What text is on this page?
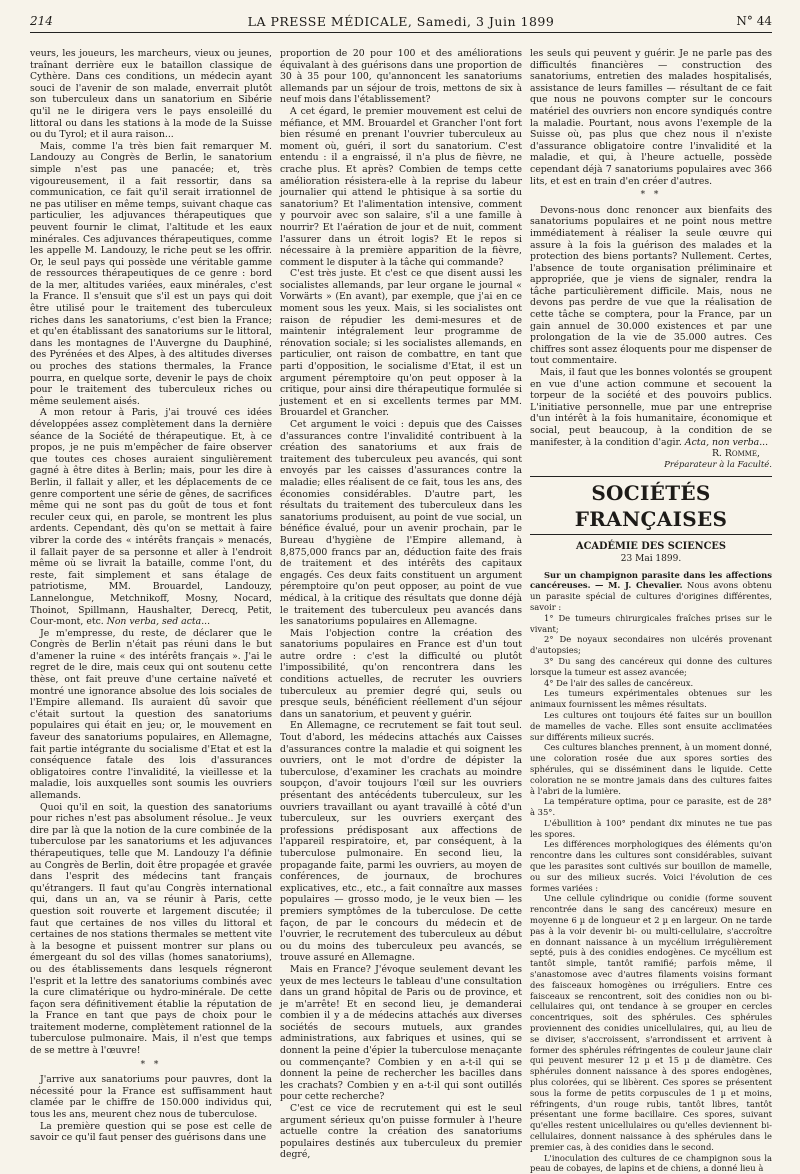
214	LA PRESSE MÉDICALE, Samedi, 3 Juin 1899	N° 44

veurs, les joueurs, les marcheurs, vieux ou jeunes, traînant derrière eux le bataillon classique de Cythère. Dans ces conditions, un médecin ayant souci de l'avenir de son malade, enverrait plutôt son tuberculeux dans un sanatorium en Sibérie qu'il ne le dirigera vers le pays ensoleillé du littoral ou dans les stations à la mode de la Suisse ou du Tyrol; et il aura raison...

Mais, comme l'a très bien fait remarquer M. Landouzy au Congrès de Berlin, le sanatorium simple n'est pas une panacée; et, très vigoureusement, il a fait ressortir, dans sa communication, ce fait qu'il serait irrationnel de ne pas utiliser en même temps, suivant chaque cas particulier, les adjuvances thérapeutiques que peuvent fournir le climat, l'altitude et les eaux minérales. Ces adjuvances thérapeutiques, comme les appelle M. Landouzy, le riche peut se les offrir. Or, le seul pays qui possède une véritable gamme de ressources thérapeutiques de ce genre : bord de la mer, altitudes variées, eaux minérales, c'est la France. Il s'ensuit que s'il est un pays qui doit être utilisé pour le traitement des tuberculeux riches dans les sanatoriums, c'est bien la France; et qu'en établissant des sanatoriums sur le littoral, dans les montagnes de l'Auvergne du Dauphiné, des Pyrénées et des Alpes, à des altitudes diverses ou proches des stations thermales, la France pourra, en quelque sorte, devenir le pays de choix pour le traitement des tuberculeux riches ou même seulement aisés.

A mon retour à Paris, j'ai trouvé ces idées développées assez complètement dans la dernière séance de la Société de thérapeutique. Et, à ce propos, je ne puis m'empêcher de faire observer que toutes ces choses auraient singulièrement gagné à être dites à Berlin; mais, pour les dire à Berlin, il fallait y aller, et les déplacements de ce genre comportent une série de gênes, de sacrifices même qui ne sont pas du goût de tous et font reculer ceux qui, en parole, se montrent les plus ardents. Cependant, dès qu'on se mettait à faire vibrer la corde des « intérêts français » menacés, il fallait payer de sa personne et aller à l'endroit même où se livrait la bataille, comme l'ont, du reste, fait simplement et sans étalage de patriotisme, MM. Brouardel, Landouzy, Lannelongue, Metchnikoff, Mosny, Nocard, Thoinot, Spillmann, Haushalter, Derecq, Petit, Cour-mont, etc. Non verba, sed acta...

Je m'empresse, du reste, de déclarer que le Congrès de Berlin n'était pas réuni dans le but d'amener la ruine « des intérêts français ». J'ai le regret de le dire, mais ceux qui ont soutenu cette thèse, ont fait preuve d'une certaine naïveté et montré une ignorance absolue des lois sociales de l'Empire allemand. Ils auraient dû savoir que c'était surtout la question des sanatoriums populaires qui était en jeu; or, le mouvement en faveur des sanatoriums populaires, en Allemagne, fait partie intégrante du socialisme d'Etat et est la conséquence fatale des lois d'assurances obligatoires contre l'invalidité, la vieillesse et la maladie, lois auxquelles sont soumis les ouvriers allemands.

Quoi qu'il en soit, la question des sanatoriums pour riches n'est pas absolument résolue.. Je veux dire par là que la notion de la cure combinée de la tuberculose par les sanatoriums et les adjuvances thérapeutiques, telle que M. Landouzy l'a définie au Congrès de Berlin, doit être propagée et gravée dans l'esprit des médecins tant français qu'étrangers. Il faut qu'au Congrès international qui, dans un an, va se réunir à Paris, cette question soit rouverte et largement discutée; il faut que certaines de nos villes du littoral et certaines de nos stations thermales se mettent vite à la besogne et puissent montrer sur plans ou émergeant du sol des villas (homes sanatoriums), ou des établissements dans lesquels régneront l'esprit et la lettre des sanatoriums combinés avec la cure climatérique ou hydro-minérale. De cette façon sera définitivement établie la réputation de la France en tant que pays de choix pour le traitement moderne, complètement rationnel de la tuberculose pulmonaire. Mais, il n'est que temps de se mettre à l'œuvre!

* *

J'arrive aux sanatoriums pour pauvres, dont la nécessité pour la France est suffisamment haut clamée par le chiffre de 150.000 individus qui, tous les ans, meurent chez nous de tuberculose.

La première question qui se pose est celle de savoir ce qu'il faut penser des guérisons dans une

proportion de 20 pour 100 et des améliorations équivalant à des guérisons dans une proportion de 30 à 35 pour 100, qu'annoncent les sanatoriums allemands par un séjour de trois, mettons de six à neuf mois dans l'établissement?

A cet égard, le premier mouvement est celui de méfiance, et MM. Brouardel et Grancher l'ont fort bien résumé en prenant l'ouvrier tuberculeux au moment où, guéri, il sort du sanatorium. C'est entendu : il a engraissé, il n'a plus de fièvre, ne crache plus. Et après? Combien de temps cette amélioration résistera-elle à la reprise du labeur journalier qui attend le phtisique à sa sortie du sanatorium? Et l'alimentation intensive, comment y pourvoir avec son salaire, s'il a une famille à nourrir? Et l'aération de jour et de nuit, comment l'assurer dans un étroit logis? Et le repos si nécessaire à la première apparition de la fièvre, comment le disputer à la tâche qui commande?

C'est très juste. Et c'est ce que disent aussi les socialistes allemands, par leur organe le journal « Vorwärts » (En avant), par exemple, que j'ai en ce moment sous les yeux. Mais, si les socialistes ont raison de répudier les demi-mesures et de maintenir intégralement leur programme de rénovation sociale; si les socialistes allemands, en particulier, ont raison de combattre, en tant que parti d'opposition, le socialisme d'Etat, il est un argument péremptoire qu'on peut opposer à la critique, pour ainsi dire thérapeutique formulée si justement et en si excellents termes par MM. Brouardel et Grancher.

Cet argument le voici : depuis que des Caisses d'assurances contre l'invalidité contribuent à la création des sanatoriums et aux frais de traitement des tuberculeux peu avancés, qui sont envoyés par les caisses d'assurances contre la maladie; elles réalisent de ce fait, tous les ans, des économies considérables. D'autre part, les résultats du traitement des tuberculeux dans les sanatoriums produisent, au point de vue social, un bénéfice évalué, pour un avenir prochain, par le Bureau d'hygiène de l'Empire allemand, à 8,875,000 francs par an, déduction faite des frais de traitement et des intérêts des capitaux engagés. Ces deux faits constituent un argument péremptoire qu'on peut opposer, au point de vue médical, à la critique des résultats que donne déjà le traitement des tuberculeux peu avancés dans les sanatoriums populaires en Allemagne.

Mais l'objection contre la création des sanatoriums populaires en France est d'un tout autre ordre : c'est la difficulté ou plutôt l'impossibilité, qu'on rencontrera dans les conditions actuelles, de recruter les ouvriers tuberculeux au premier degré qui, seuls ou presque seuls, bénéficient réellement d'un séjour dans un sanatorium, et peuvent y guérir.

En Allemagne, ce recrutement se fait tout seul. Tout d'abord, les médecins attachés aux Caisses d'assurances contre la maladie et qui soignent les ouvriers, ont le mot d'ordre de dépister la tuberculose, d'examiner les crachats au moindre soupçon, d'avoir toujours l'œil sur les ouvriers présentant des antécédents tuberculeux, sur les ouvriers travaillant ou ayant travaillé à côté d'un tuberculeux, sur les ouvriers exerçant des professions prédisposant aux affections de l'appareil respiratoire, et, par conséquent, à la tuberculose pulmonaire. En second lieu, la propagande faite, parmi les ouvriers, au moyen de conférences, de journaux, de brochures explicatives, etc., etc., a fait connaître aux masses populaires — grosso modo, je le veux bien — les premiers symptômes de la tuberculose. De cette façon, de par le concours du médecin et de l'ouvrier, le recrutement des tuberculeux au début ou du moins des tuberculeux peu avancés, se trouve assuré en Allemagne.

Mais en France? J'évoque seulement devant les yeux de mes lecteurs le tableau d'une consultation dans un grand hôpital de Paris ou de province, et je m'arrête! Et en second lieu, je demanderai combien il y a de médecins attachés aux diverses sociétés de secours mutuels, aux grandes administrations, aux fabriques et usines, qui se donnent la peine d'épier la tuberculose menaçante ou commençante? Combien y en a-t-il qui se donnent la peine de rechercher les bacilles dans les crachats? Combien y en a-t-il qui sont outillés pour cette recherche?

C'est ce vice de recrutement qui est le seul argument sérieux qu'on puisse formuler à l'heure actuelle contre la création des sanatoriums populaires destinés aux tuberculeux du premier degré,

les seuls qui peuvent y guérir. Je ne parle pas des difficultés financières — construction des sanatoriums, entretien des malades hospitalisés, assistance de leurs familles — résultant de ce fait que nous ne pouvons compter sur le concours matériel des ouvriers non encore syndiqués contre la maladie. Pourtant, nous avons l'exemple de la Suisse où, pas plus que chez nous il n'existe d'assurance obligatoire contre l'invalidité et la maladie, et qui, à l'heure actuelle, possède cependant déjà 7 sanatoriums populaires avec 366 lits, et est en train d'en créer d'autres.

* *

Devons-nous donc renoncer aux bienfaits des sanatoriums populaires et ne point nous mettre immédiatement à réaliser la seule œuvre qui assure à la fois la guérison des malades et la protection des biens portants? Nullement. Certes, l'absence de toute organisation préliminaire et appropriée, que je viens de signaler, rendra la tâche particulièrement difficile. Mais, nous ne devons pas perdre de vue que la réalisation de cette tâche se comptera, pour la France, par un gain annuel de 30.000 existences et par une prolongation de la vie de 35.000 autres. Ces chiffres sont assez éloquents pour me dispenser de tout commentaire.

Mais, il faut que les bonnes volontés se groupent en vue d'une action commune et secouent la torpeur de la société et des pouvoirs publics. L'initiative personnelle, mue par une entreprise d'un intérêt à la fois humanitaire, économique et social, peut beaucoup, à la condition de se manifester, à la condition d'agir. Acta, non verba...

R. Romme,
Préparateur à la Faculté.
SOCIÉTÉS FRANÇAISES
ACADÉMIE DES SCIENCES
23 Mai 1899.

Sur un champignon parasite dans les affections cancéreuses. — M. J. Chevalier. Nous avons obtenu un parasite spécial de cultures d'origines différentes, savoir :

1° De tumeurs chirurgicales fraîches prises sur le vivant;

2° De noyaux secondaires non ulcérés provenant d'autopsies;

3° Du sang des cancéreux qui donne des cultures lorsque la tumeur est assez avancée;

4° De l'air des salles de cancéreux.

Les tumeurs expérimentales obtenues sur les animaux fournissent les mêmes résultats.

Les cultures ont toujours été faites sur un bouillon de mamelles de vache. Elles sont ensuite acclimatées sur différents milieux sucrés.

Ces cultures blanches prennent, à un moment donné, une coloration rosée due aux spores sorties des sphérules, qui se disséminent dans le liquide. Cette coloration ne se montre jamais dans des cultures faites à l'abri de la lumière.

La température optima, pour ce parasite, est de 28° à 35°.

L'ébullition à 100° pendant dix minutes ne tue pas les spores.

Les différences morphologiques des éléments qu'on rencontre dans les cultures sont considérables, suivant que les parasites sont cultivés sur bouillon de mamelle, ou sur des milieux sucrés. Voici l'évolution de ces formes variées :

Une cellule cylindrique ou conidie (forme souvent rencontrée dans le sang des cancéreux) mesure en moyenne 6 µ de longueur et 2 µ en largeur. On ne tarde pas à la voir devenir bi- ou multi-cellulaire, s'accroître en donnant naissance à un mycélium irrégulièrement septé, puis à des conidies endogènes. Ce mycélium est tantôt simple, tantôt ramifié; parfois même, il s'anastomose avec d'autres filaments voisins formant des faisceaux homogènes ou irréguliers. Entre ces faisceaux se rencontrent, soit des conidies non ou bi-cellulaires qui, ont tendance à se grouper en cercles concentriques, soit des sphérules. Ces sphérules proviennent des conidies unicellulaires, qui, au lieu de se diviser, s'accroissent, s'arrondissent et arrivent à former des sphérules réfringentes de couleur jaune clair qui peuvent mesurer 12 µ et 15 µ de diamètre. Ces sphérules donnent naissance à des spores endogènes, plus colorées, qui se libèrent. Ces spores se présentent sous la forme de petits corpuscules de 1 µ et moins, réfringents, d'un rouge rubis, tantôt libres, tantôt présentant une forme bacillaire. Ces spores, suivant qu'elles restent unicellulaires ou qu'elles deviennent bi-cellulaires, donnent naissance à des sphérules dans le premier cas, à des conidies dans le second.

L'inoculation des cultures de ce champignon sous la peau de cobayes, de lapins et de chiens, a donné lieu à
